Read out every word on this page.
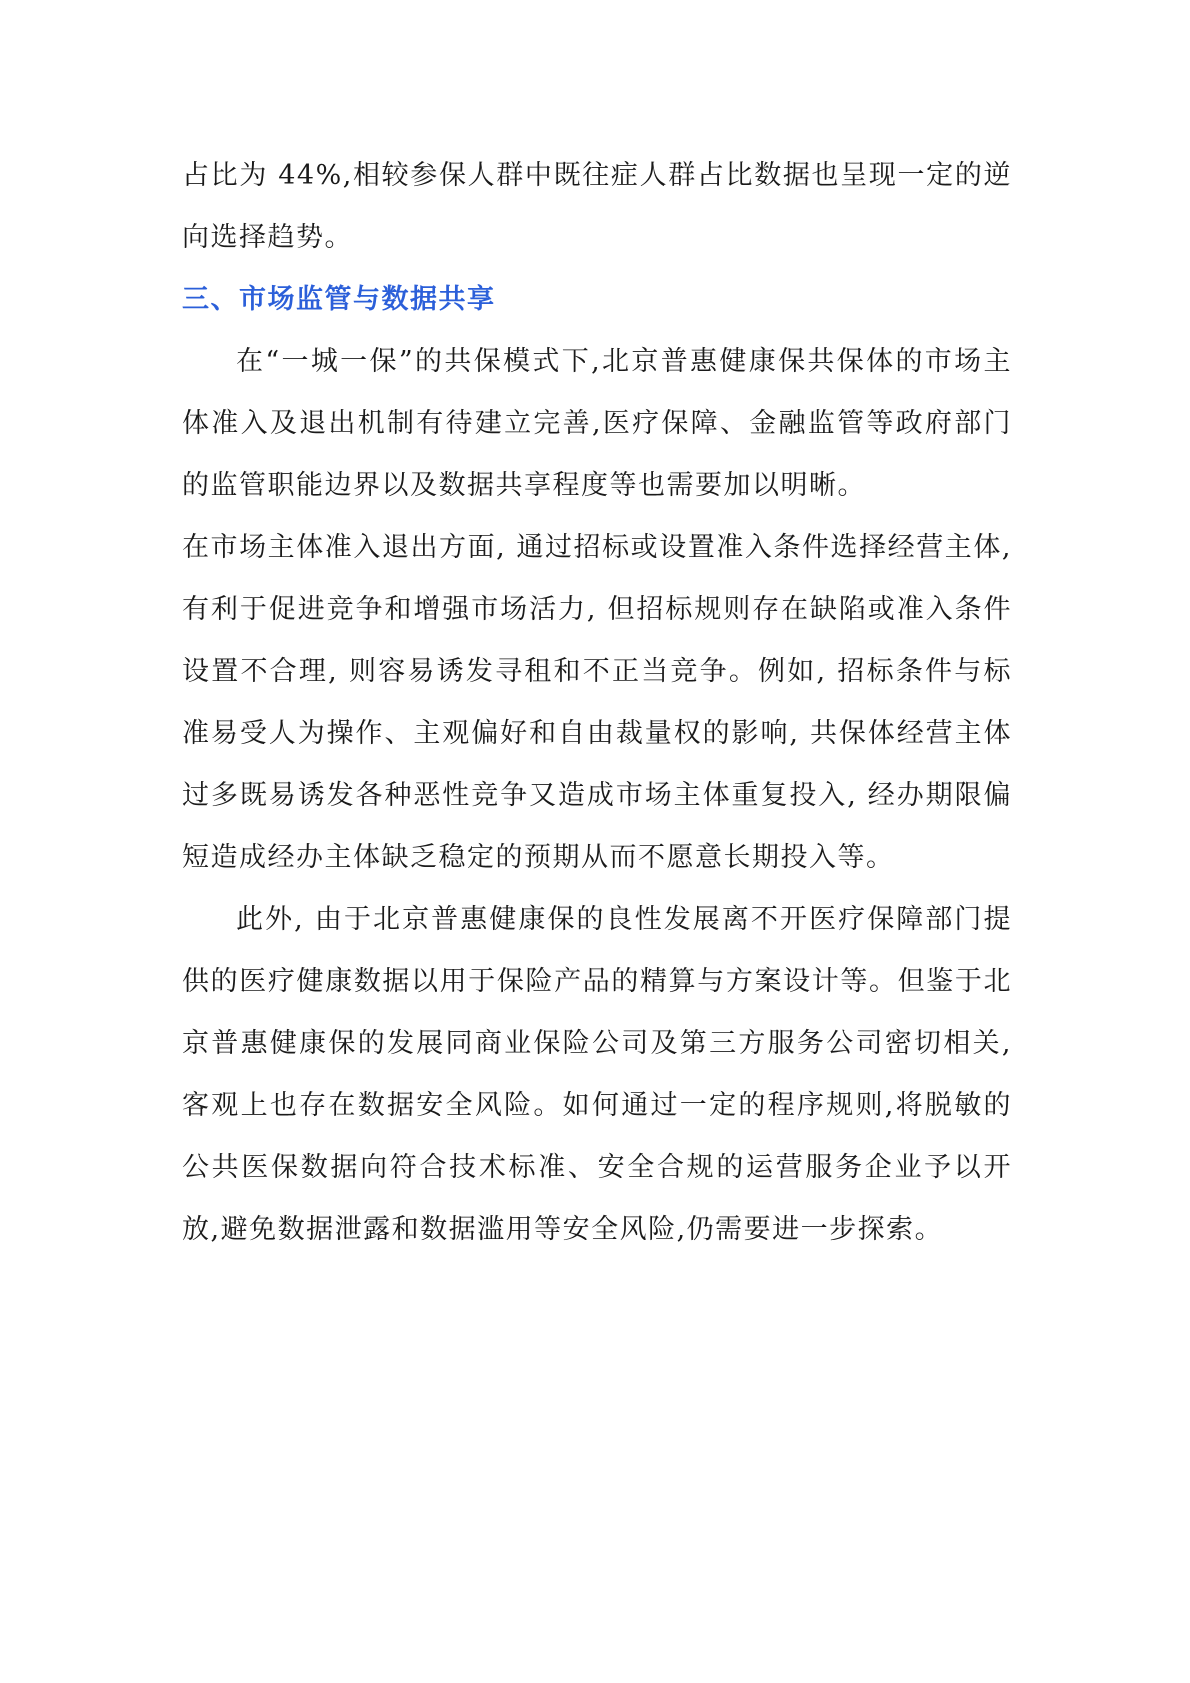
占比为 44%,相较参保人群中既往症人群占比数据也呈现一定的逆向选择趋势。

三、市场监管与数据共享

在“一城一保”的共保模式下,北京普惠健康保共保体的市场主体准入及退出机制有待建立完善,医疗保障、金融监管等政府部门的监管职能边界以及数据共享程度等也需要加以明晰。

在市场主体准入退出方面, 通过招标或设置准入条件选择经营主体, 有利于促进竞争和增强市场活力, 但招标规则存在缺陷或准入条件设置不合理, 则容易诱发寻租和不正当竞争。例如, 招标条件与标准易受人为操作、主观偏好和自由裁量权的影响, 共保体经营主体过多既易诱发各种恶性竞争又造成市场主体重复投入, 经办期限偏短造成经办主体缺乏稳定的预期从而不愿意长期投入等。

此外, 由于北京普惠健康保的良性发展离不开医疗保障部门提供的医疗健康数据以用于保险产品的精算与方案设计等。但鉴于北京普惠健康保的发展同商业保险公司及第三方服务公司密切相关,客观上也存在数据安全风险。如何通过一定的程序规则,将脱敏的公共医保数据向符合技术标准、安全合规的运营服务企业予以开放,避免数据泄露和数据滥用等安全风险,仍需要进一步探索。
